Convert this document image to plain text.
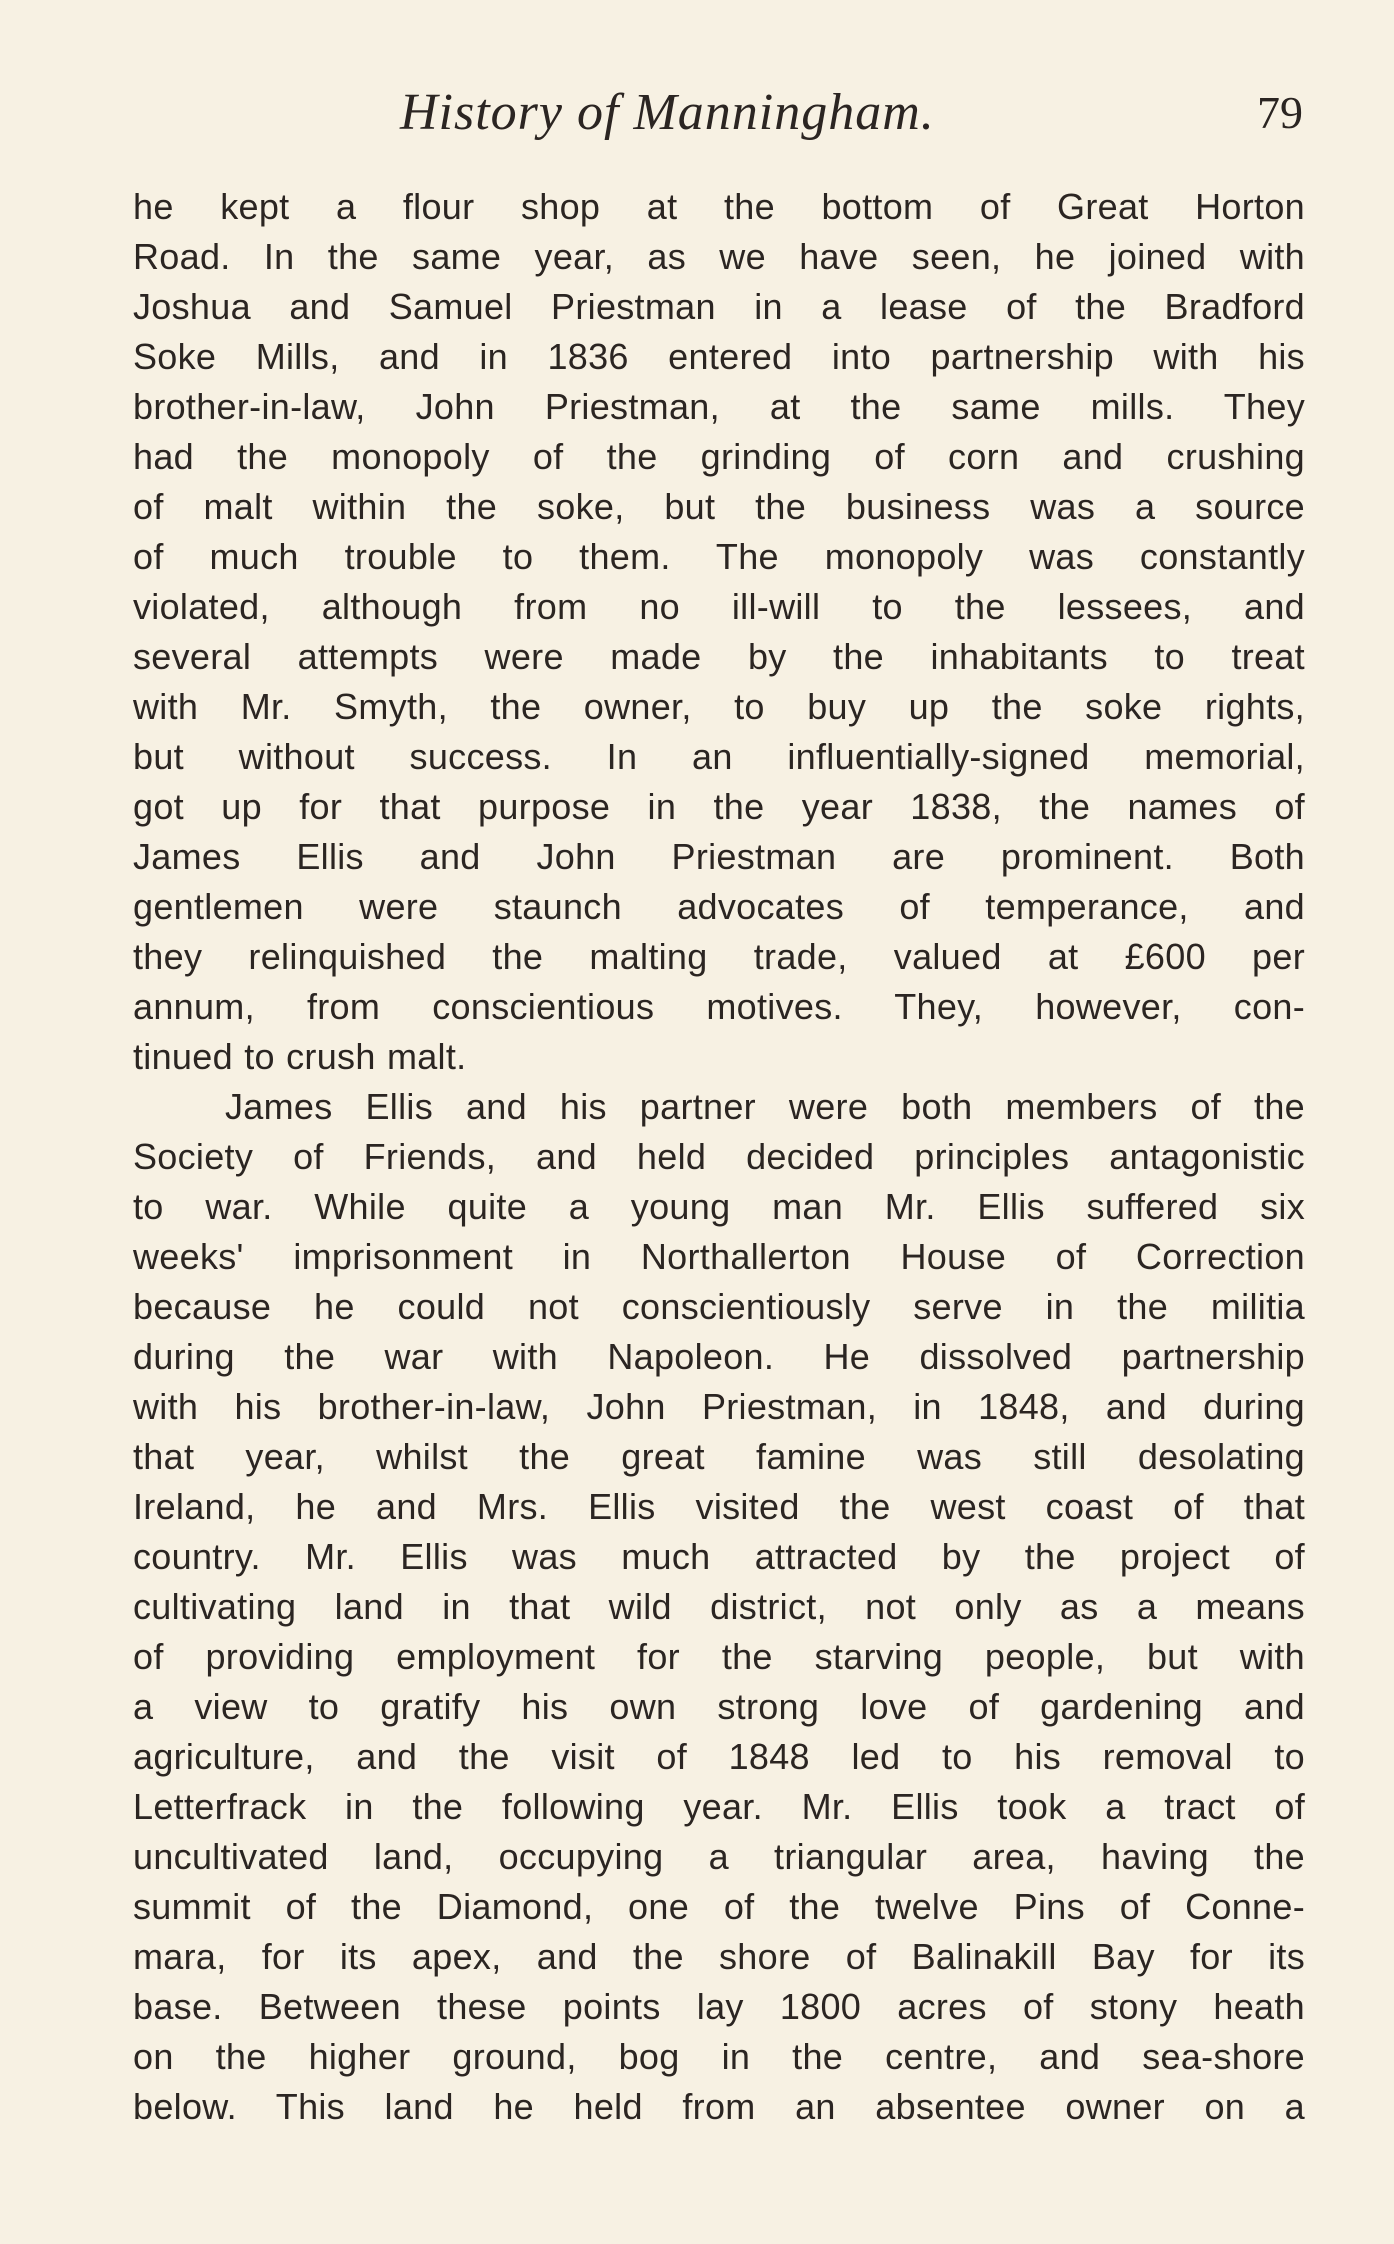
History of Manningham.	79
he kept a flour shop at the bottom of Great Horton
Road. In the same year, as we have seen, he joined with
Joshua and Samuel Priestman in a lease of the Bradford
Soke Mills, and in 1836 entered into partnership with his
brother-in-law, John Priestman, at the same mills. They
had the monopoly of the grinding of corn and crushing
of malt within the soke, but the business was a source
of much trouble to them. The monopoly was constantly
violated, although from no ill-will to the lessees, and
several attempts were made by the inhabitants to treat
with Mr. Smyth, the owner, to buy up the soke rights,
but without success. In an influentially-signed memorial,
got up for that purpose in the year 1838, the names of
James Ellis and John Priestman are prominent. Both
gentlemen were staunch advocates of temperance, and
they relinquished the malting trade, valued at £600 per
annum, from conscientious motives. They, however, con-
tinued to crush malt.
James Ellis and his partner were both members of the
Society of Friends, and held decided principles antagonistic
to war. While quite a young man Mr. Ellis suffered six
weeks' imprisonment in Northallerton House of Correction
because he could not conscientiously serve in the militia
during the war with Napoleon. He dissolved partnership
with his brother-in-law, John Priestman, in 1848, and during
that year, whilst the great famine was still desolating
Ireland, he and Mrs. Ellis visited the west coast of that
country. Mr. Ellis was much attracted by the project of
cultivating land in that wild district, not only as a means
of providing employment for the starving people, but with
a view to gratify his own strong love of gardening and
agriculture, and the visit of 1848 led to his removal to
Letterfrack in the following year. Mr. Ellis took a tract of
uncultivated land, occupying a triangular area, having the
summit of the Diamond, one of the twelve Pins of Conne-
mara, for its apex, and the shore of Balinakill Bay for its
base. Between these points lay 1800 acres of stony heath
on the higher ground, bog in the centre, and sea-shore
below. This land he held from an absentee owner on a
